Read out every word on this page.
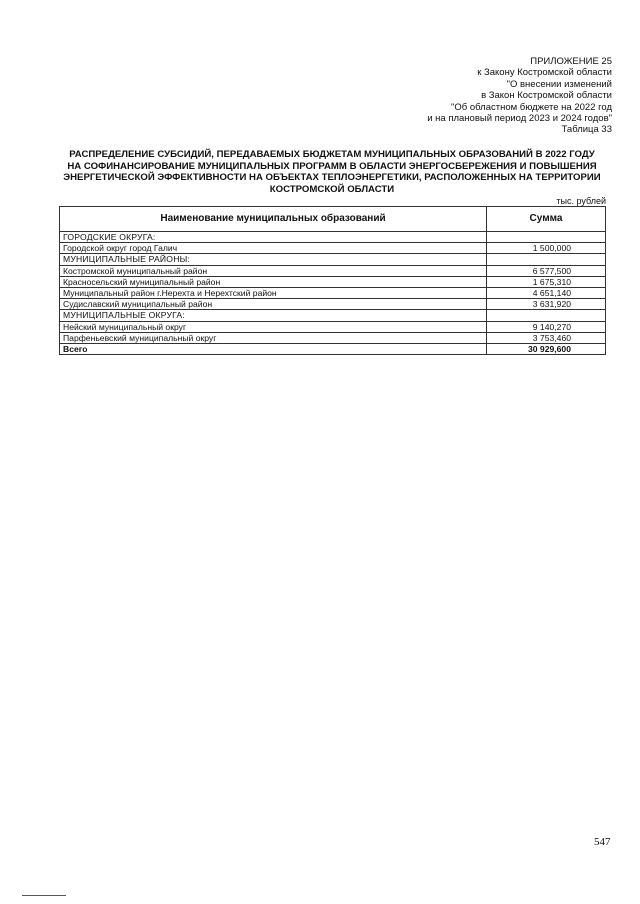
ПРИЛОЖЕНИЕ 25
к Закону Костромской области
"О внесении изменений
в Закон Костромской области
"Об областном бюджете на 2022 год
и на плановый период 2023 и 2024 годов"
Таблица 33
РАСПРЕДЕЛЕНИЕ СУБСИДИЙ, ПЕРЕДАВАЕМЫХ БЮДЖЕТАМ МУНИЦИПАЛЬНЫХ ОБРАЗОВАНИЙ В 2022 ГОДУ
НА СОФИНАНСИРОВАНИЕ МУНИЦИПАЛЬНЫХ ПРОГРАММ В ОБЛАСТИ ЭНЕРГОСБЕРЕЖЕНИЯ И ПОВЫШЕНИЯ
ЭНЕРГЕТИЧЕСКОЙ ЭФФЕКТИВНОСТИ НА ОБЪЕКТАХ ТЕПЛОЭНЕРГЕТИКИ, РАСПОЛОЖЕННЫХ НА ТЕРРИТОРИИ
КОСТРОМСКОЙ ОБЛАСТИ
тыс. рублей
Наименование муниципальных образований	Сумма
ГОРОДСКИЕ ОКРУГА:	
Городской округ город Галич	1 500,000
МУНИЦИПАЛЬНЫЕ РАЙОНЫ:	
Костромской муниципальный район	6 577,500
Красносельский муниципальный район	1 675,310
Муниципальный район г.Нерехта и Нерехтский район	4 651,140
Судиславский муниципальный район	3 631,920
МУНИЦИПАЛЬНЫЕ ОКРУГА:	
Нейский муниципальный округ	9 140,270
Парфеньевский муниципальный округ	3 753,460
Всего	30 929,600
547
